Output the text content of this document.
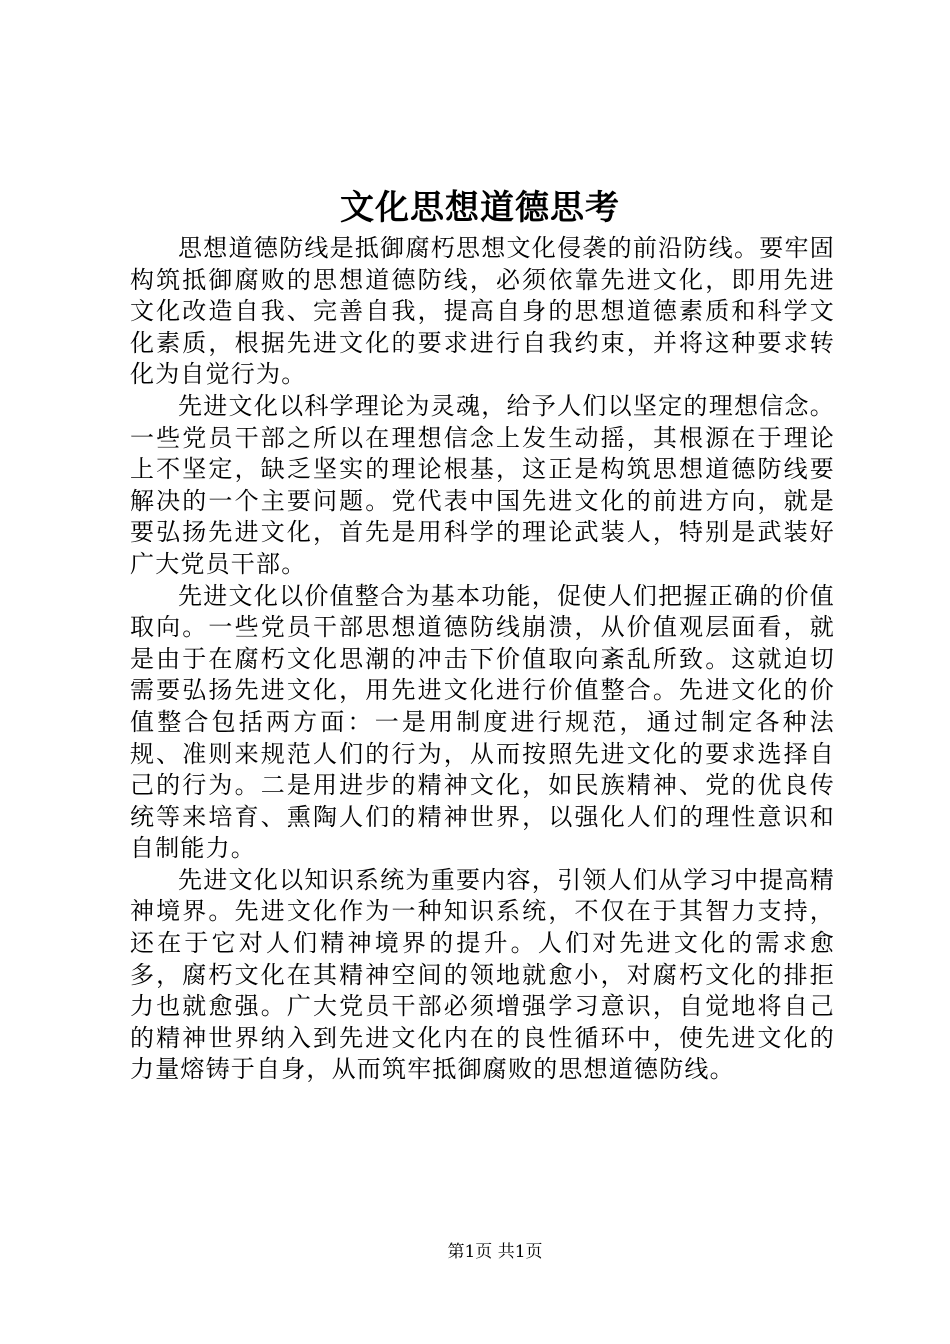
文化思想道德思考

思想道德防线是抵御腐朽思想文化侵袭的前沿防线。要牢固构筑抵御腐败的思想道德防线，必须依靠先进文化，即用先进文化改造自我、完善自我，提高自身的思想道德素质和科学文化素质，根据先进文化的要求进行自我约束，并将这种要求转化为自觉行为。

先进文化以科学理论为灵魂，给予人们以坚定的理想信念。一些党员干部之所以在理想信念上发生动摇，其根源在于理论上不坚定，缺乏坚实的理论根基，这正是构筑思想道德防线要解决的一个主要问题。党代表中国先进文化的前进方向，就是要弘扬先进文化，首先是用科学的理论武装人，特别是武装好广大党员干部。

先进文化以价值整合为基本功能，促使人们把握正确的价值取向。一些党员干部思想道德防线崩溃，从价值观层面看，就是由于在腐朽文化思潮的冲击下价值取向紊乱所致。这就迫切需要弘扬先进文化，用先进文化进行价值整合。先进文化的价值整合包括两方面：一是用制度进行规范，通过制定各种法规、准则来规范人们的行为，从而按照先进文化的要求选择自己的行为。二是用进步的精神文化，如民族精神、党的优良传统等来培育、熏陶人们的精神世界，以强化人们的理性意识和自制能力。

先进文化以知识系统为重要内容，引领人们从学习中提高精神境界。先进文化作为一种知识系统，不仅在于其智力支持，还在于它对人们精神境界的提升。人们对先进文化的需求愈多，腐朽文化在其精神空间的领地就愈小，对腐朽文化的排拒力也就愈强。广大党员干部必须增强学习意识，自觉地将自己的精神世界纳入到先进文化内在的良性循环中，使先进文化的力量熔铸于自身，从而筑牢抵御腐败的思想道德防线。

第1页 共1页
